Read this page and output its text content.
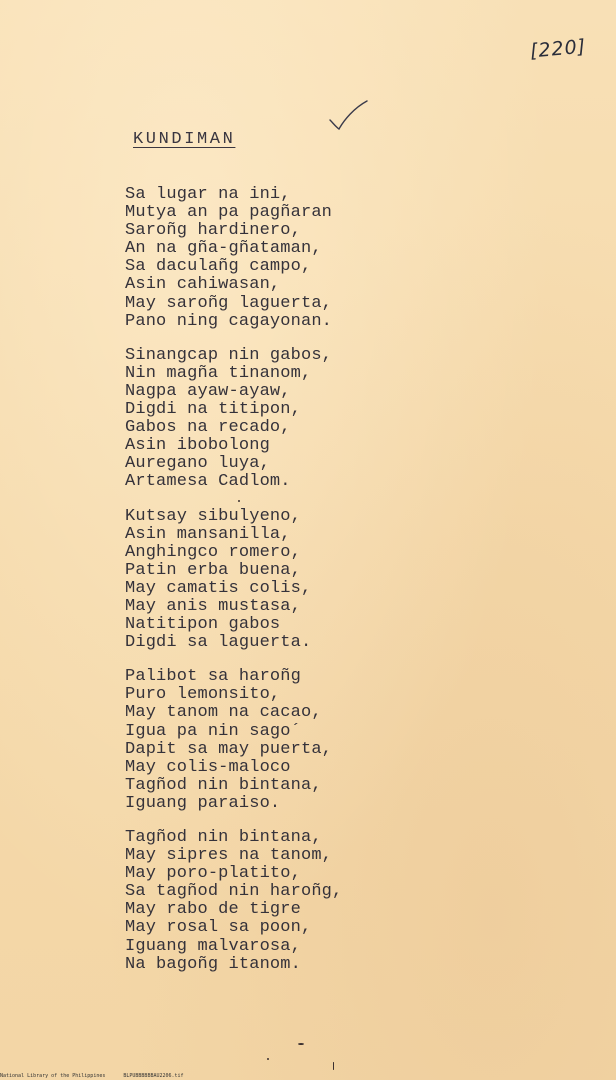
[220]
KUNDIMAN
Sa lugar na ini,
Mutya an pa pagñaran
Saroñg hardinero,
An na gña-gñataman,
Sa daculañg campo,
Asin cahiwasan,
May saroñg laguerta,
Pano ning cagayonan.
Sinangcap nin gabos,
Nin magña tinanom,
Nagpa ayaw-ayaw,
Digdi na titipon,
Gabos na recado,
Asin ibobolong
Auregano luya,
Artamesa Cadlom.
Kutsay sibulyeno,
Asin mansanilla,
Anghingco romero,
Patin erba buena,
May camatis colis,
May anis mustasa,
Natitipon gabos
Digdi sa laguerta.
Palibot sa haroñg
Puro lemonsito,
May tanom na cacao,
Igua pa nin sago´
Dapit sa may puerta,
May colis-maloco
Tagñod nin bintana,
Iguang paraiso.
Tagñod nin bintana,
May sipres na tanom,
May poro-platito,
Sa tagñod nin haroñg,
May rabo de tigre
May rosal sa poon,
Iguang malvarosa,
Na bagoñg itanom.
National Library of the Philippines	BLPUBBBBBBAU2206.tif
